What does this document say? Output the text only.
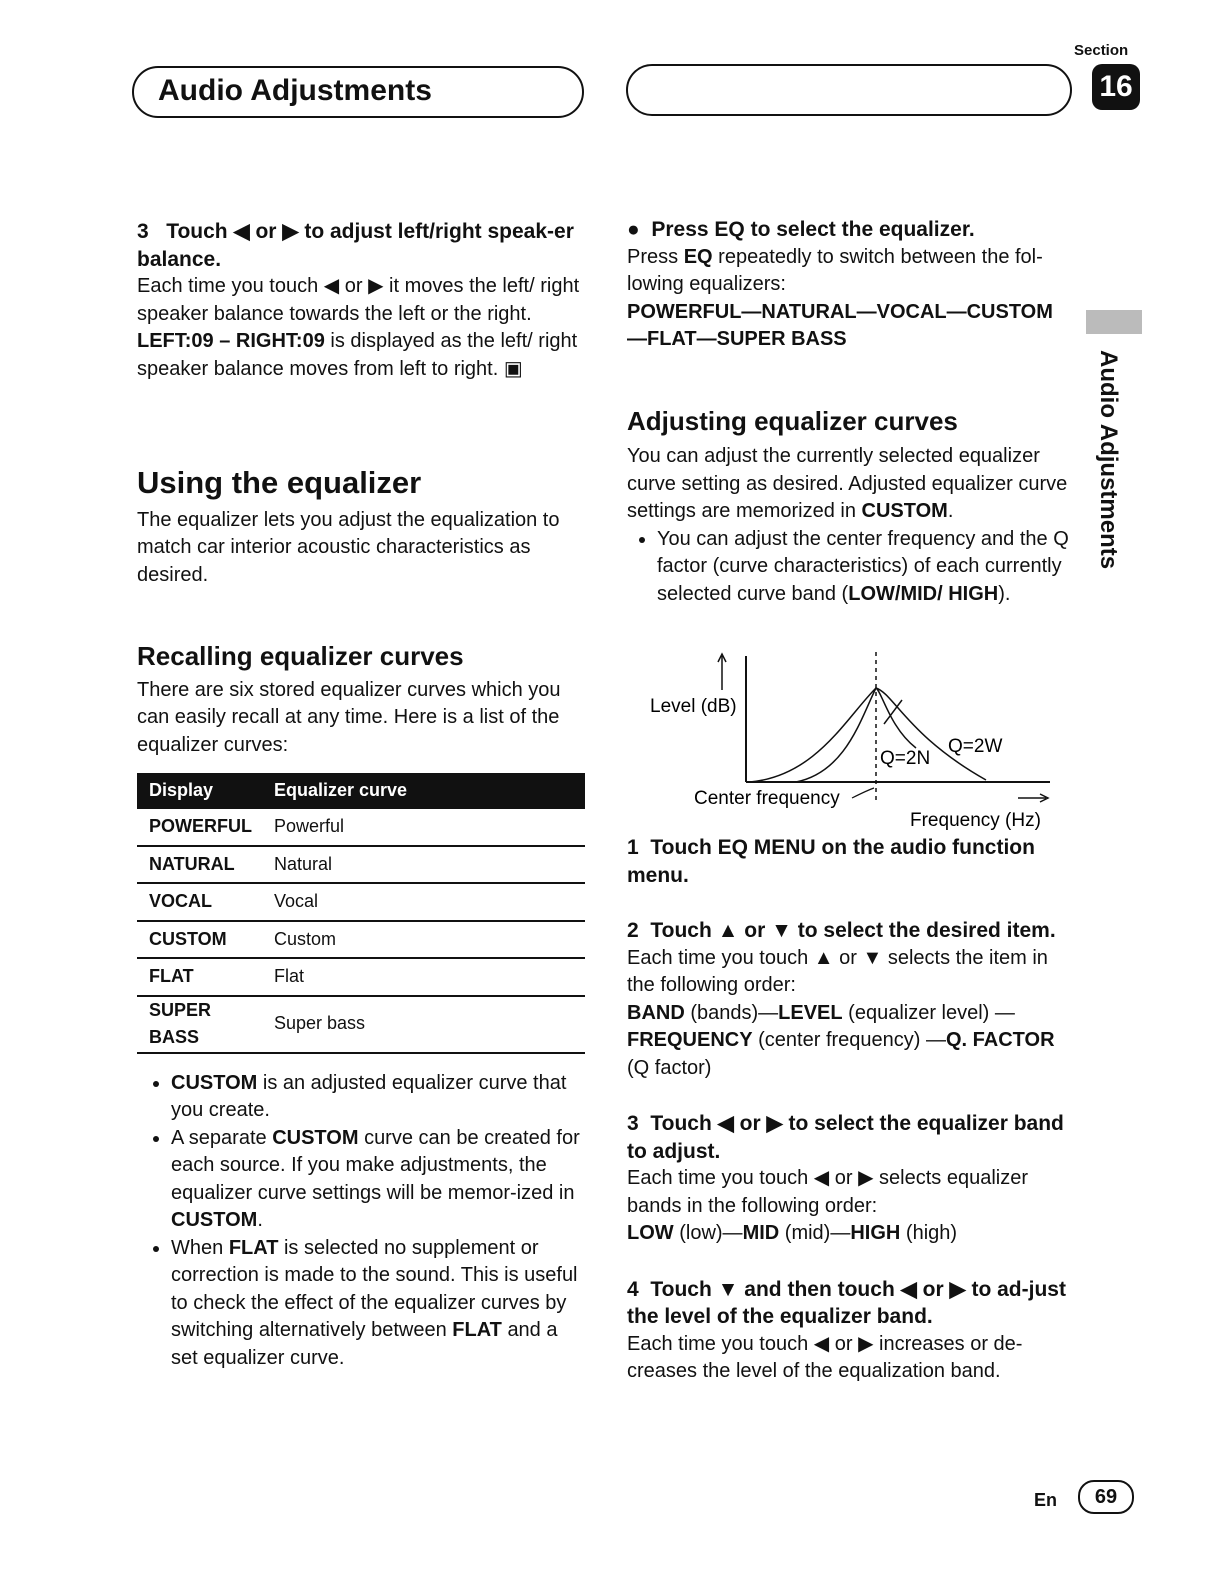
Audio Adjustments
Section
16
Audio Adjustments

3 Touch ◀ or ▶ to adjust left/right speak-er balance.

Each time you touch ◀ or ▶ it moves the left/ right speaker balance towards the left or the right.

LEFT:09 – RIGHT:09 is displayed as the left/ right speaker balance moves from left to right. ▣

Using the equalizer

The equalizer lets you adjust the equalization to match car interior acoustic characteristics as desired.

Recalling equalizer curves

There are six stored equalizer curves which you can easily recall at any time. Here is a list of the equalizer curves:

Display	Equalizer curve
POWERFUL	Powerful
NATURAL	Natural
VOCAL	Vocal
CUSTOM	Custom
FLAT	Flat
SUPER BASS	Super bass
• CUSTOM is an adjusted equalizer curve that you create.
• A separate CUSTOM curve can be created for each source. If you make adjustments, the equalizer curve settings will be memor-ized in CUSTOM.
• When FLAT is selected no supplement or correction is made to the sound. This is useful to check the effect of the equalizer curves by switching alternatively between FLAT and a set equalizer curve.

● Press EQ to select the equalizer.

Press EQ repeatedly to switch between the fol-lowing equalizers:

POWERFUL—NATURAL—VOCAL—CUSTOM —FLAT—SUPER BASS

Adjusting equalizer curves

You can adjust the currently selected equalizer curve setting as desired. Adjusted equalizer curve settings are memorized in CUSTOM.

• You can adjust the center frequency and the Q factor (curve characteristics) of each currently selected curve band (LOW/MID/ HIGH).

1 Touch EQ MENU on the audio function menu.

2 Touch ▲ or ▼ to select the desired item.

Each time you touch ▲ or ▼ selects the item in the following order:

BAND (bands)—LEVEL (equalizer level) —FREQUENCY (center frequency) —Q. FACTOR (Q factor)

3 Touch ◀ or ▶ to select the equalizer band to adjust.

Each time you touch ◀ or ▶ selects equalizer bands in the following order:

LOW (low)—MID (mid)—HIGH (high)

4 Touch ▼ and then touch ◀ or ▶ to ad-just the level of the equalizer band.

Each time you touch ◀ or ▶ increases or de-creases the level of the equalization band.

Level (dB)
Q=2N
Q=2W
Center frequency
Frequency (Hz)
En	69
